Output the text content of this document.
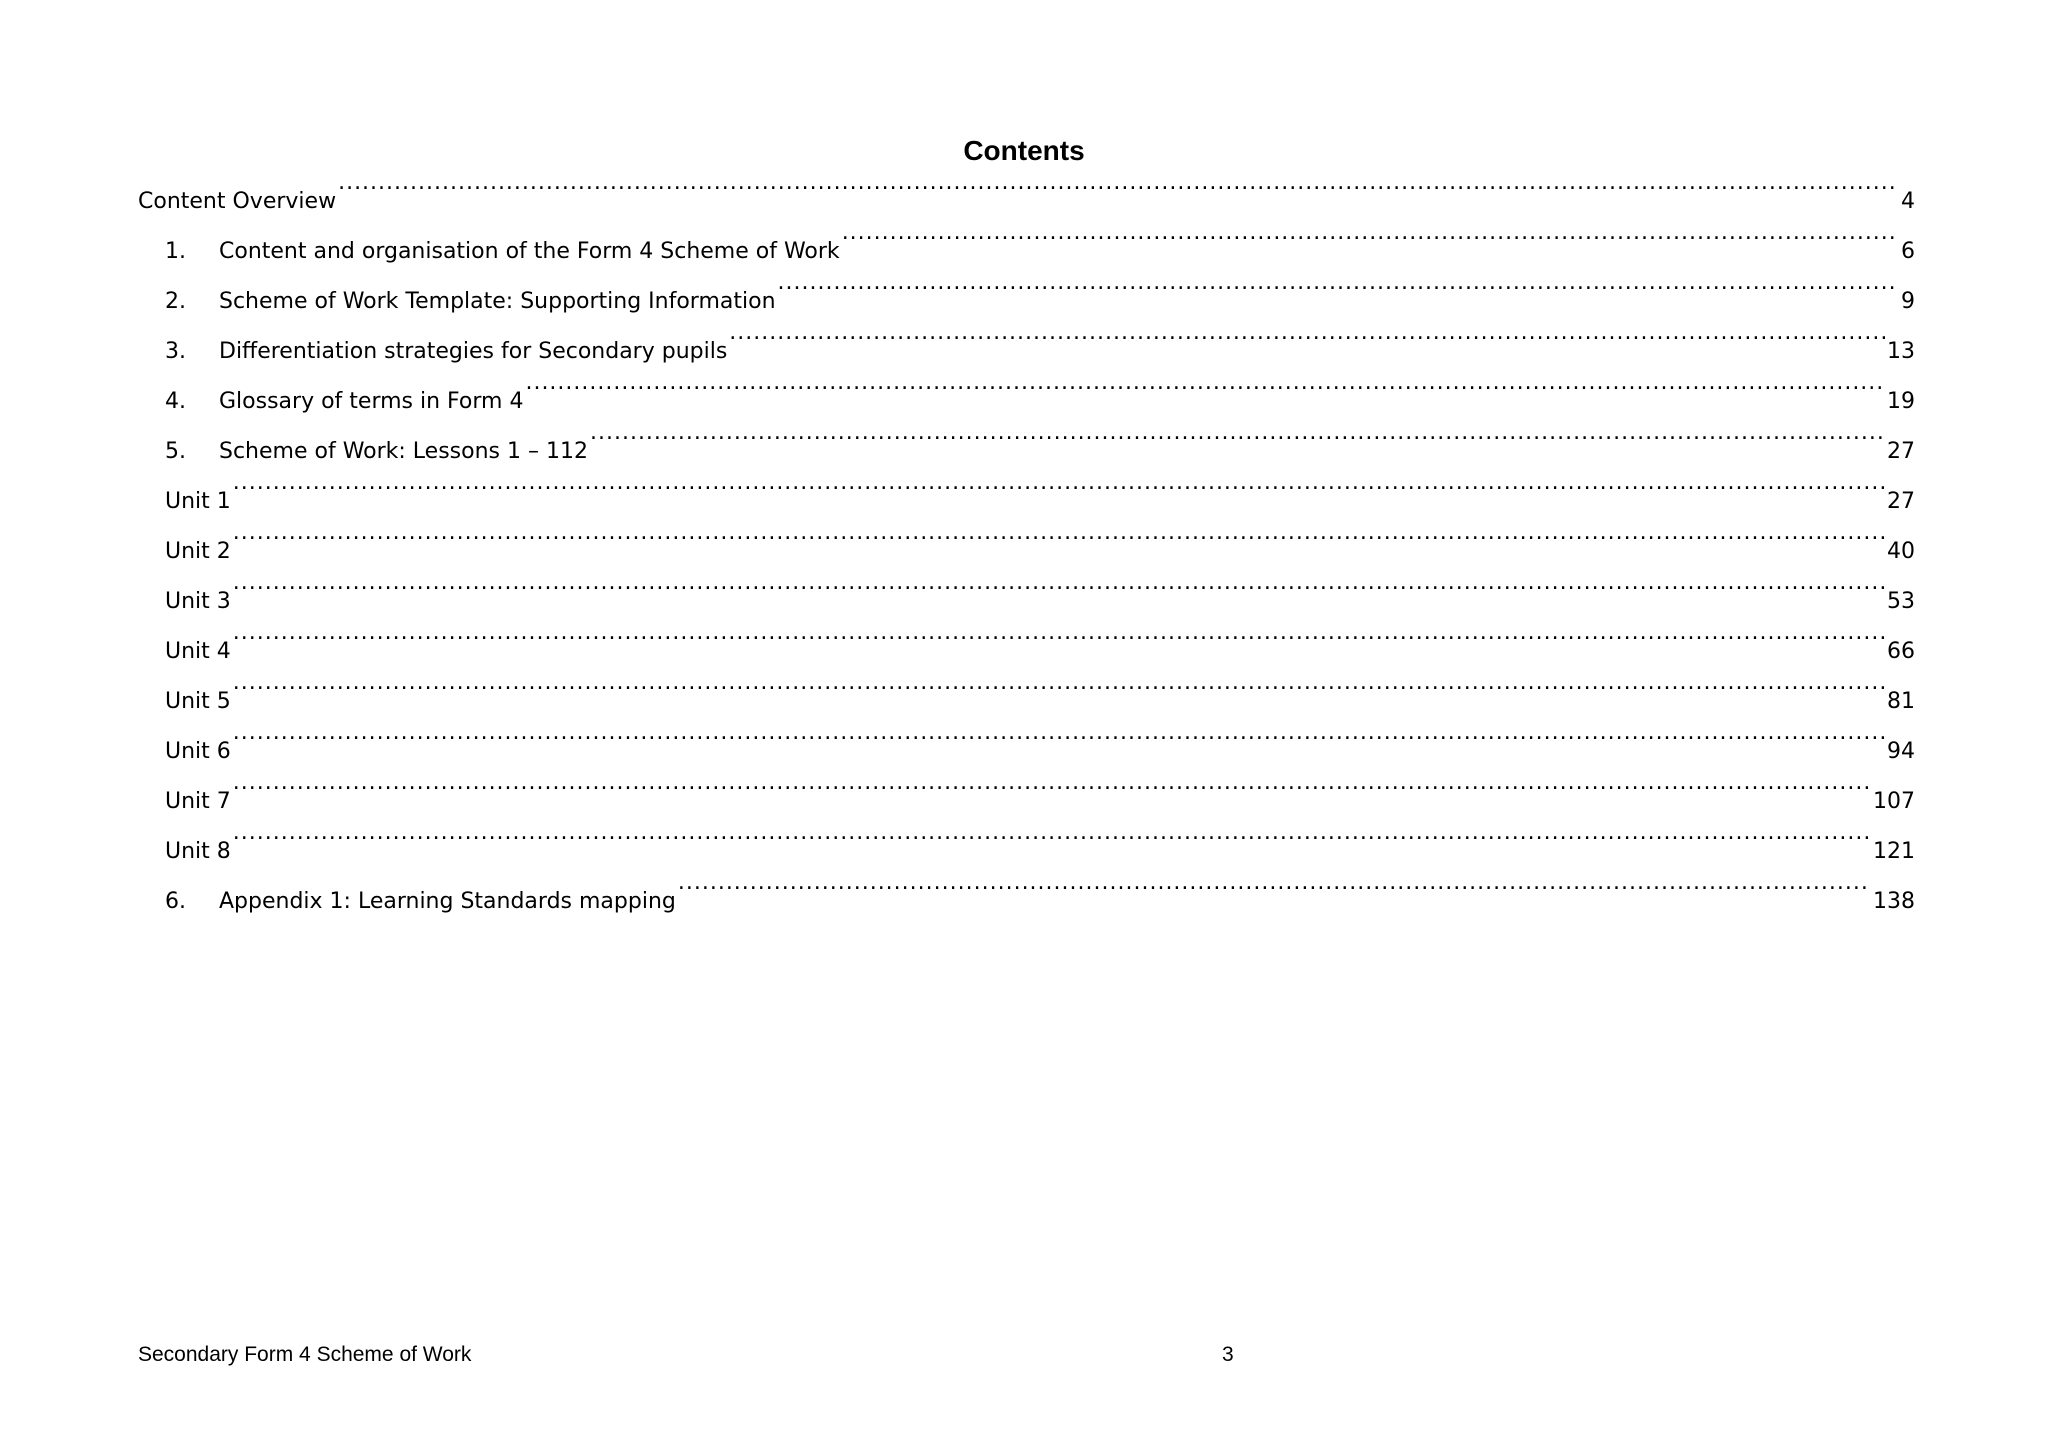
Contents
Content Overview .....	4
1.	Content and organisation of the Form 4 Scheme of Work .....	6
2.	Scheme of Work Template: Supporting Information .....	9
3.	Differentiation strategies for Secondary pupils .....	13
4.	Glossary of terms in Form 4 .....	19
5.	Scheme of Work: Lessons 1 – 112 .....	27
Unit 1 .....	27
Unit 2 .....	40
Unit 3 .....	53
Unit 4 .....	66
Unit 5 .....	81
Unit 6 .....	94
Unit 7 .....	107
Unit 8 .....	121
6.	Appendix 1: Learning Standards mapping .....	138
Secondary Form 4 Scheme of Work	3
